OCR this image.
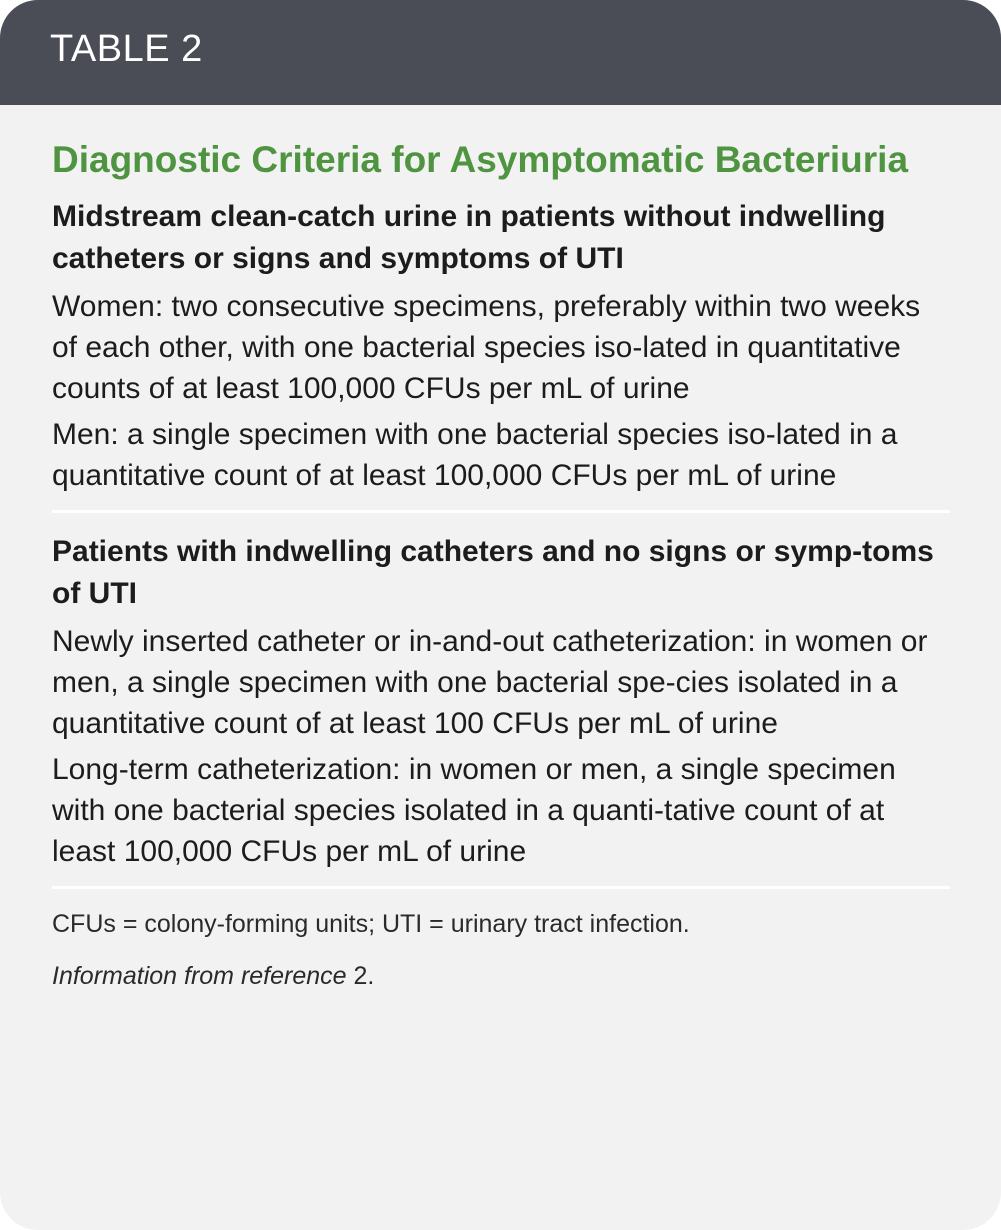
TABLE 2
Diagnostic Criteria for Asymptomatic Bacteriuria
Midstream clean-catch urine in patients without indwelling catheters or signs and symptoms of UTI
Women: two consecutive specimens, preferably within two weeks of each other, with one bacterial species iso-lated in quantitative counts of at least 100,000 CFUs per mL of urine
Men: a single specimen with one bacterial species iso-lated in a quantitative count of at least 100,000 CFUs per mL of urine
Patients with indwelling catheters and no signs or symp-toms of UTI
Newly inserted catheter or in-and-out catheterization: in women or men, a single specimen with one bacterial spe-cies isolated in a quantitative count of at least 100 CFUs per mL of urine
Long-term catheterization: in women or men, a single specimen with one bacterial species isolated in a quanti-tative count of at least 100,000 CFUs per mL of urine

CFUs = colony-forming units; UTI = urinary tract infection.

Information from reference 2.
